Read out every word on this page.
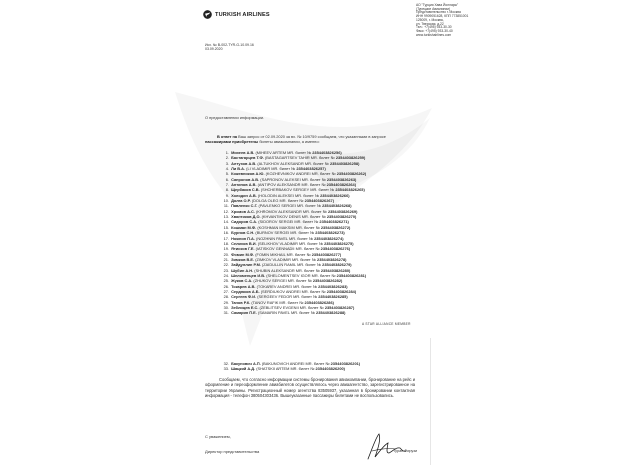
TURKISH AIRLINES
АО "Турция Хава Йоллары"
(Турецкие Авиалинии)
Представительство г. Москва
ИНН 9909051628, КПП 773851001
125009, г. Москва,
ул. Тверская, д.22
Тел.: +7(495) 933-30-30
Факс: +7(495) 933-30-40
www.turkishairlines.com
Исх. № В-002-TYR-G-10.09.16
03.09.2020
О предоставлении информации.
В ответ на Ваш запрос от 02.09.2020 за вх. № 10/9759 сообщаем, что указанными в запросе пассажирами приобретены билеты авиакомпании, а именно:
1. Михеев А.В.(MIHEEV ARTEM MR.билет №2354403826256)
2. Бастагарцев Т.Ф.(BASTAGARTSEV TAHIR MR.билет №2354403826259)
3. Алтухов А.В.(ALTUKHOV ALEKSANDR MR.билет №2354403826258)
4. Ли В.А.(LI VLADIMIR MR.билет №2354403826257)
5. Кожевников А.Ю.(KOZHEVNIKOV ANDREI MR.билет №2354403826262)
6. Сапронов А.В.(SAPRONOV ALEKSEI MR.билет №2354403826263)
7. Антипов А.В.(ANTIPOV ALEKSANDR MR.билет №2354403826264)
8. Щербаков С.В.(SHCHERBAKOV SERGEY MR.билет №2354403826265)
9. Холодин А.В.(HOLODIN ALEKSEI MR.билет №2354403826266)
10. Долга О.Р.(DOLGA OLEG MR.билет №2354403826267)
11. Павленко С.Г.(PAVLENKO SERGEI MR.билет №2354403826268)
12. Хромов А.С.(KHROMOV ALEKSANDR MR.билет №2354403826269)
13. Хвантиков Д.О.(KHVANTIKOV DENIS MR.билет №2354403826270)
14. Сидоров С.А.(SIDOROV SERGEI MR.билет №2354403826271)
15. Кошман М.Ф.(KOSHMAN MAKSIM MR.билет №2354403826272)
16. Бурнов С.Н.(BURNOV SERGEI MR.билет №2354403826273)
17. Ножнин П.А.(NOZHNIN PAVEL MR.билет №2354403826274)
18. Селихов В.И.(SELIKHOV VLADIMIR MR.билет №2354403826275)
19. Ятисков Г.Е.(IATISKOV GENNADII MR.билет №2354403826276)
20. Фомин М.Ф.(FOMIN MIKHAIL MR.билет №2354403826277)
21. Зимков В.Е.(ZIMKOV VLADIMIR MR.билет №2354403826278)
22. Зайдуллин Р.М.(ZAIDULLIN RAMIL MR.билет №2354403826279)
23. Шубин А.Н.(SHUBIN ALEKSANDR MR.билет №2354403826280)
24. Шеломенцев И.В.(SHELOMENTSEV IGOR MR.билет №2354403826281)
25. Жуков С.А.(ZHUKOV SERGEI MR.билет №2354403826282)
26. Токарев А.В.(TOKAREV ANDREI MR.билет №2354403826283)
27. Сердюков А.Б.(SERDIUKOV ANDREI MR.билет №2354403826284)
28. Сергеев Ф.И.(SERGEEV FEDOR MR.билет №2354403826285)
29. Танов Р.К.(TANOV RAFIK MR.билет №2354403826286)
30. Зеблицев Е.С.(ZEBLITSEV EVGENII MR.билет №2354403826287)
31. Самарин П.Е.(SAMARIN PAVEL MR.билет №2354403826288)
A STAR ALLIANCE MEMBER
32. Бакунович А.П.(BAKUNOVICH ANDREI MR.билет №2354403826201)
33. Шацкий А.Д.(SHATSKII ARTEM MR.билет №2354403826200)
Сообщаем, что согласно информации системы бронирования авиакомпании, бронирование на рейс и оформление и переоформление авиабилетов осуществлялось через авиаагентство, зарегистрированное на территории Украины. Регистрационный номер агентства 83505937, указанная в бронировании контактная информация - телефон 380504303436. Вышеуказанные пассажиры билетами не воспользовались.
С уважением,
Директор представительства	Туран Фирузи
